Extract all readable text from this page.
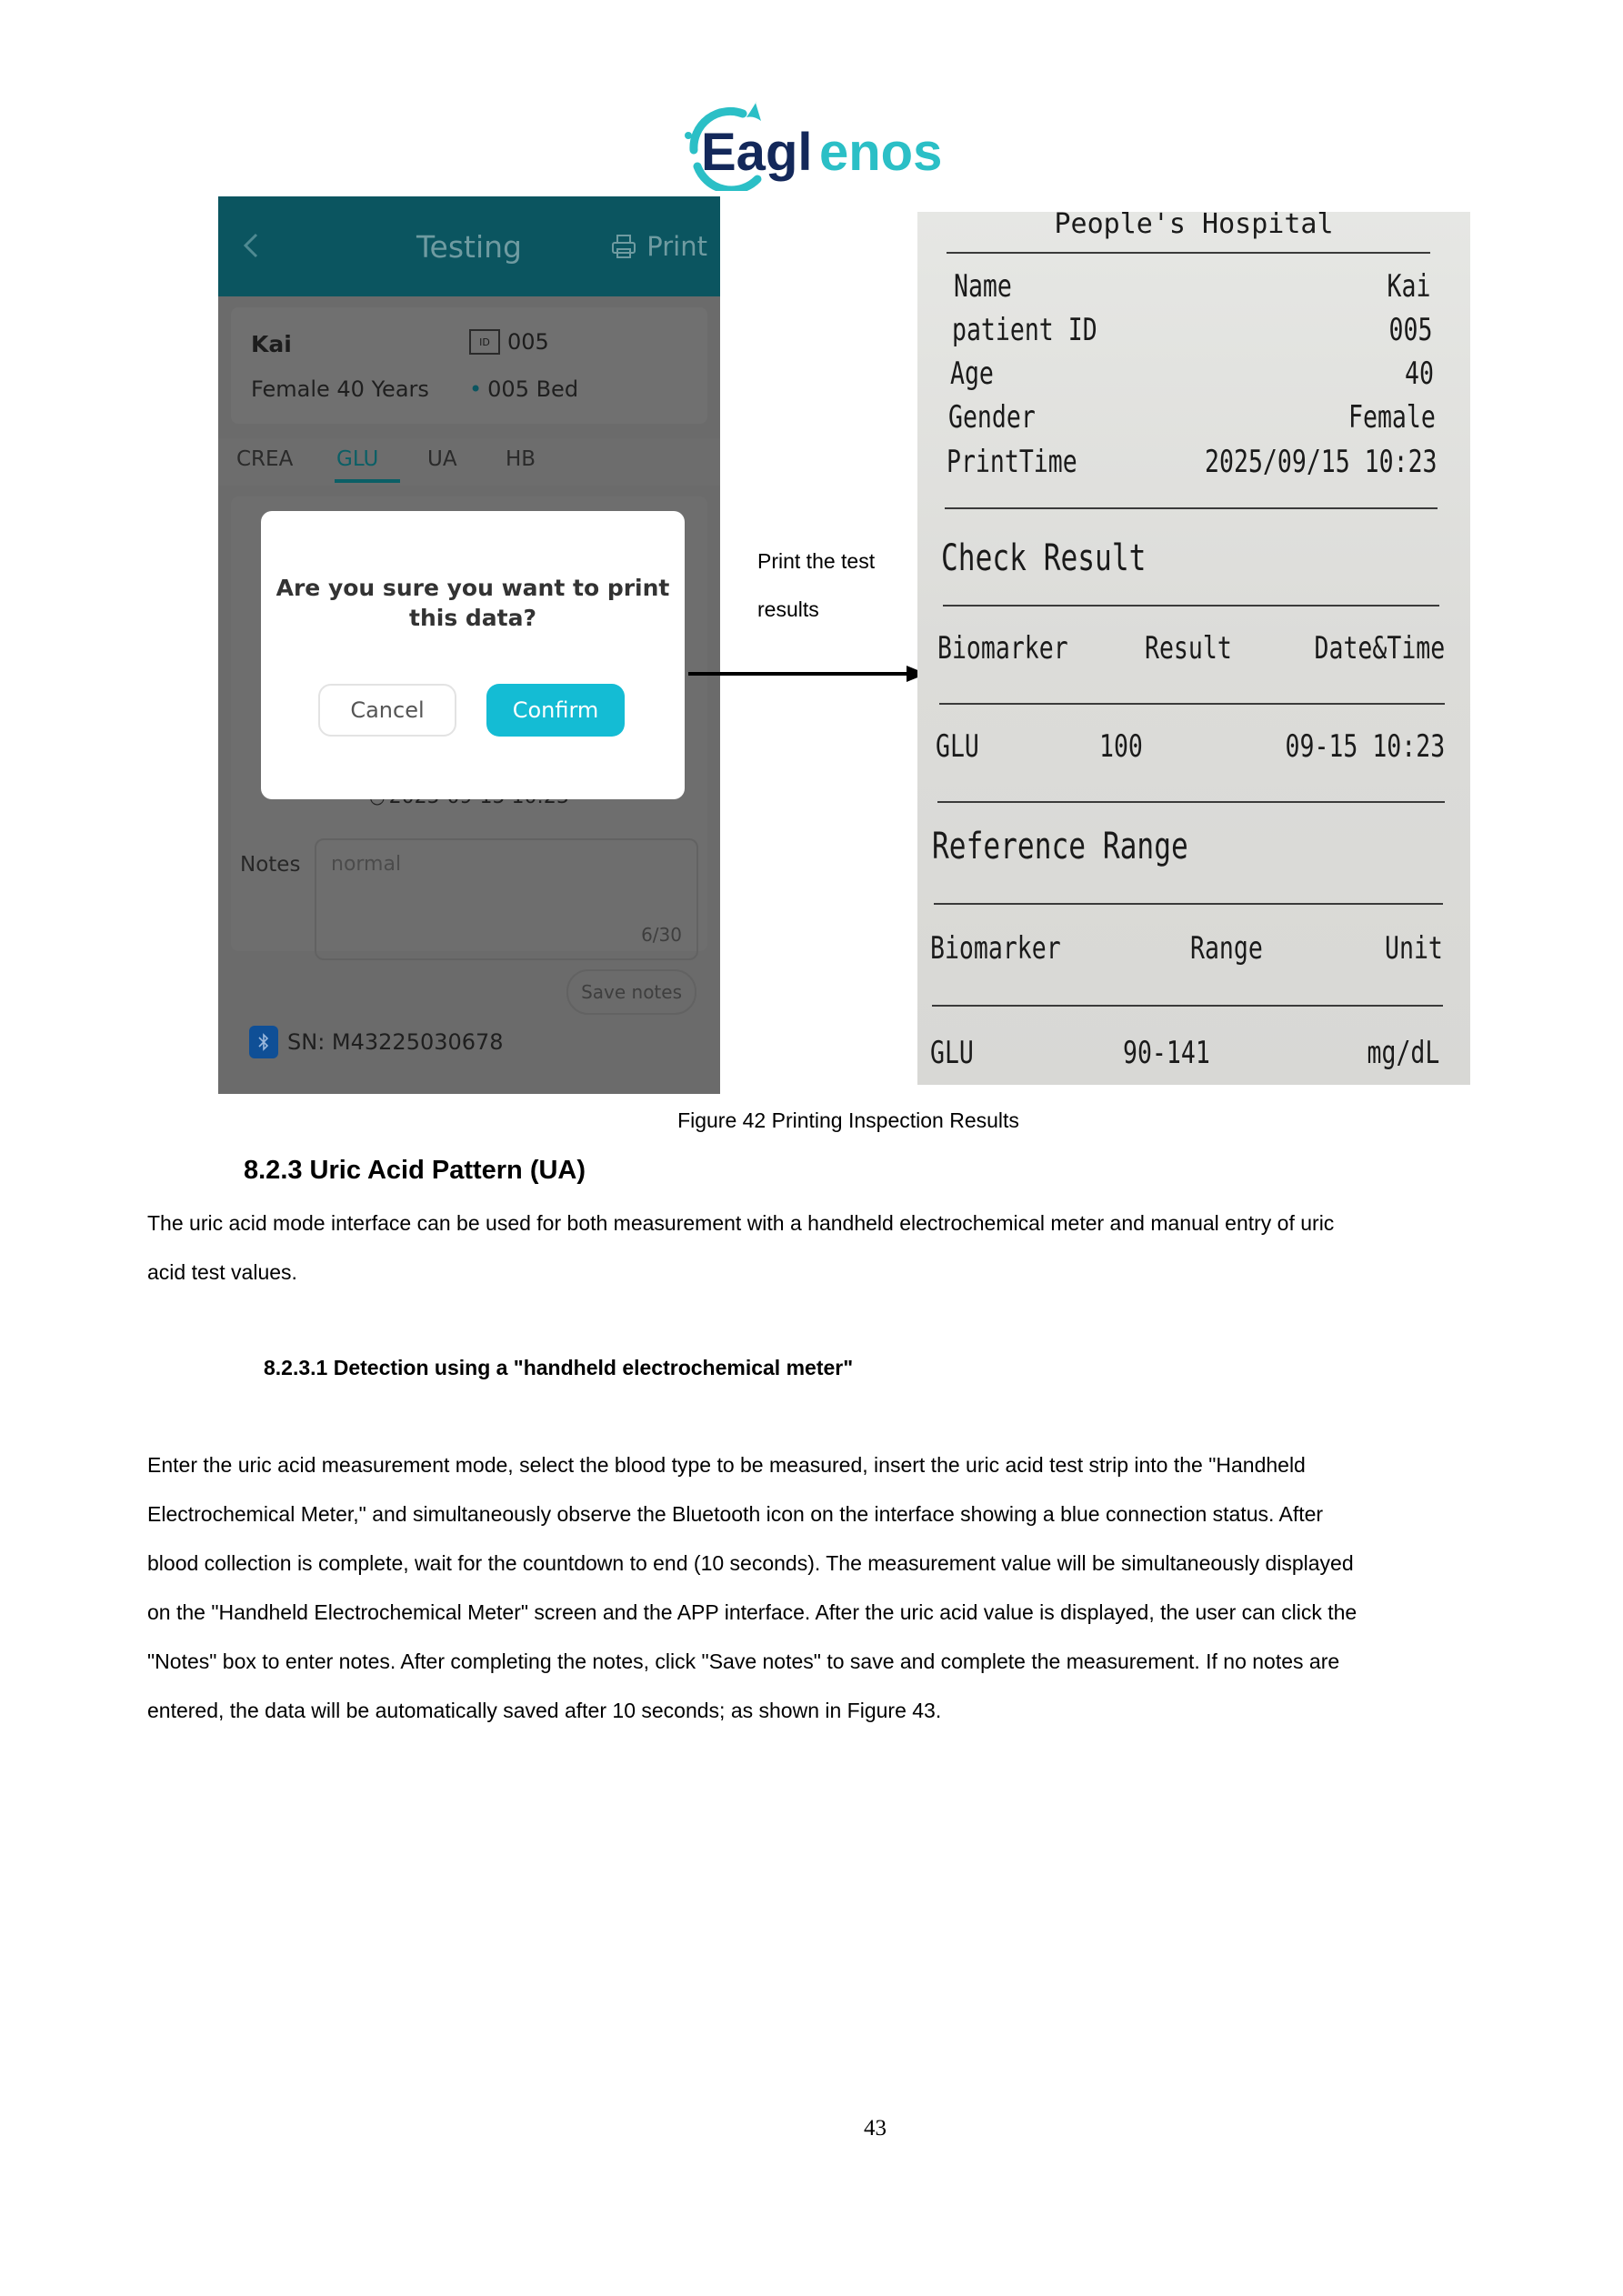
Eagl enos
Testing	Print
Kai	ID 005
Female 40 Years • 005 Bed
CREA GLU UA HB
Notes normal
6/30
Save notes
SN: M43225030678
Are you sure you want to print this data?
Cancel	Confirm
Print the test
results
People's Hospital
Name	Kai
patient ID	005
Age	40
Gender	Female
PrintTime	2025/09/15 10:23
Check Result
Biomarker Result	Date&Time
GLU	100	09-15 10:23
Reference Range
Biomarker	Range	Unit
GLU	90-141	mg/dL
Figure 42 Printing Inspection Results
8.2.3 Uric Acid Pattern (UA)
The uric acid mode interface can be used for both measurement with a handheld electrochemical meter and manual entry of uric
acid test values.
8.2.3.1 Detection using a "handheld electrochemical meter"
Enter the uric acid measurement mode, select the blood type to be measured, insert the uric acid test strip into the "Handheld
Electrochemical Meter," and simultaneously observe the Bluetooth icon on the interface showing a blue connection status. After
blood collection is complete, wait for the countdown to end (10 seconds). The measurement value will be simultaneously displayed
on the "Handheld Electrochemical Meter" screen and the APP interface. After the uric acid value is displayed, the user can click the
"Notes" box to enter notes. After completing the notes, click "Save notes" to save and complete the measurement. If no notes are
entered, the data will be automatically saved after 10 seconds; as shown in Figure 43.
43
